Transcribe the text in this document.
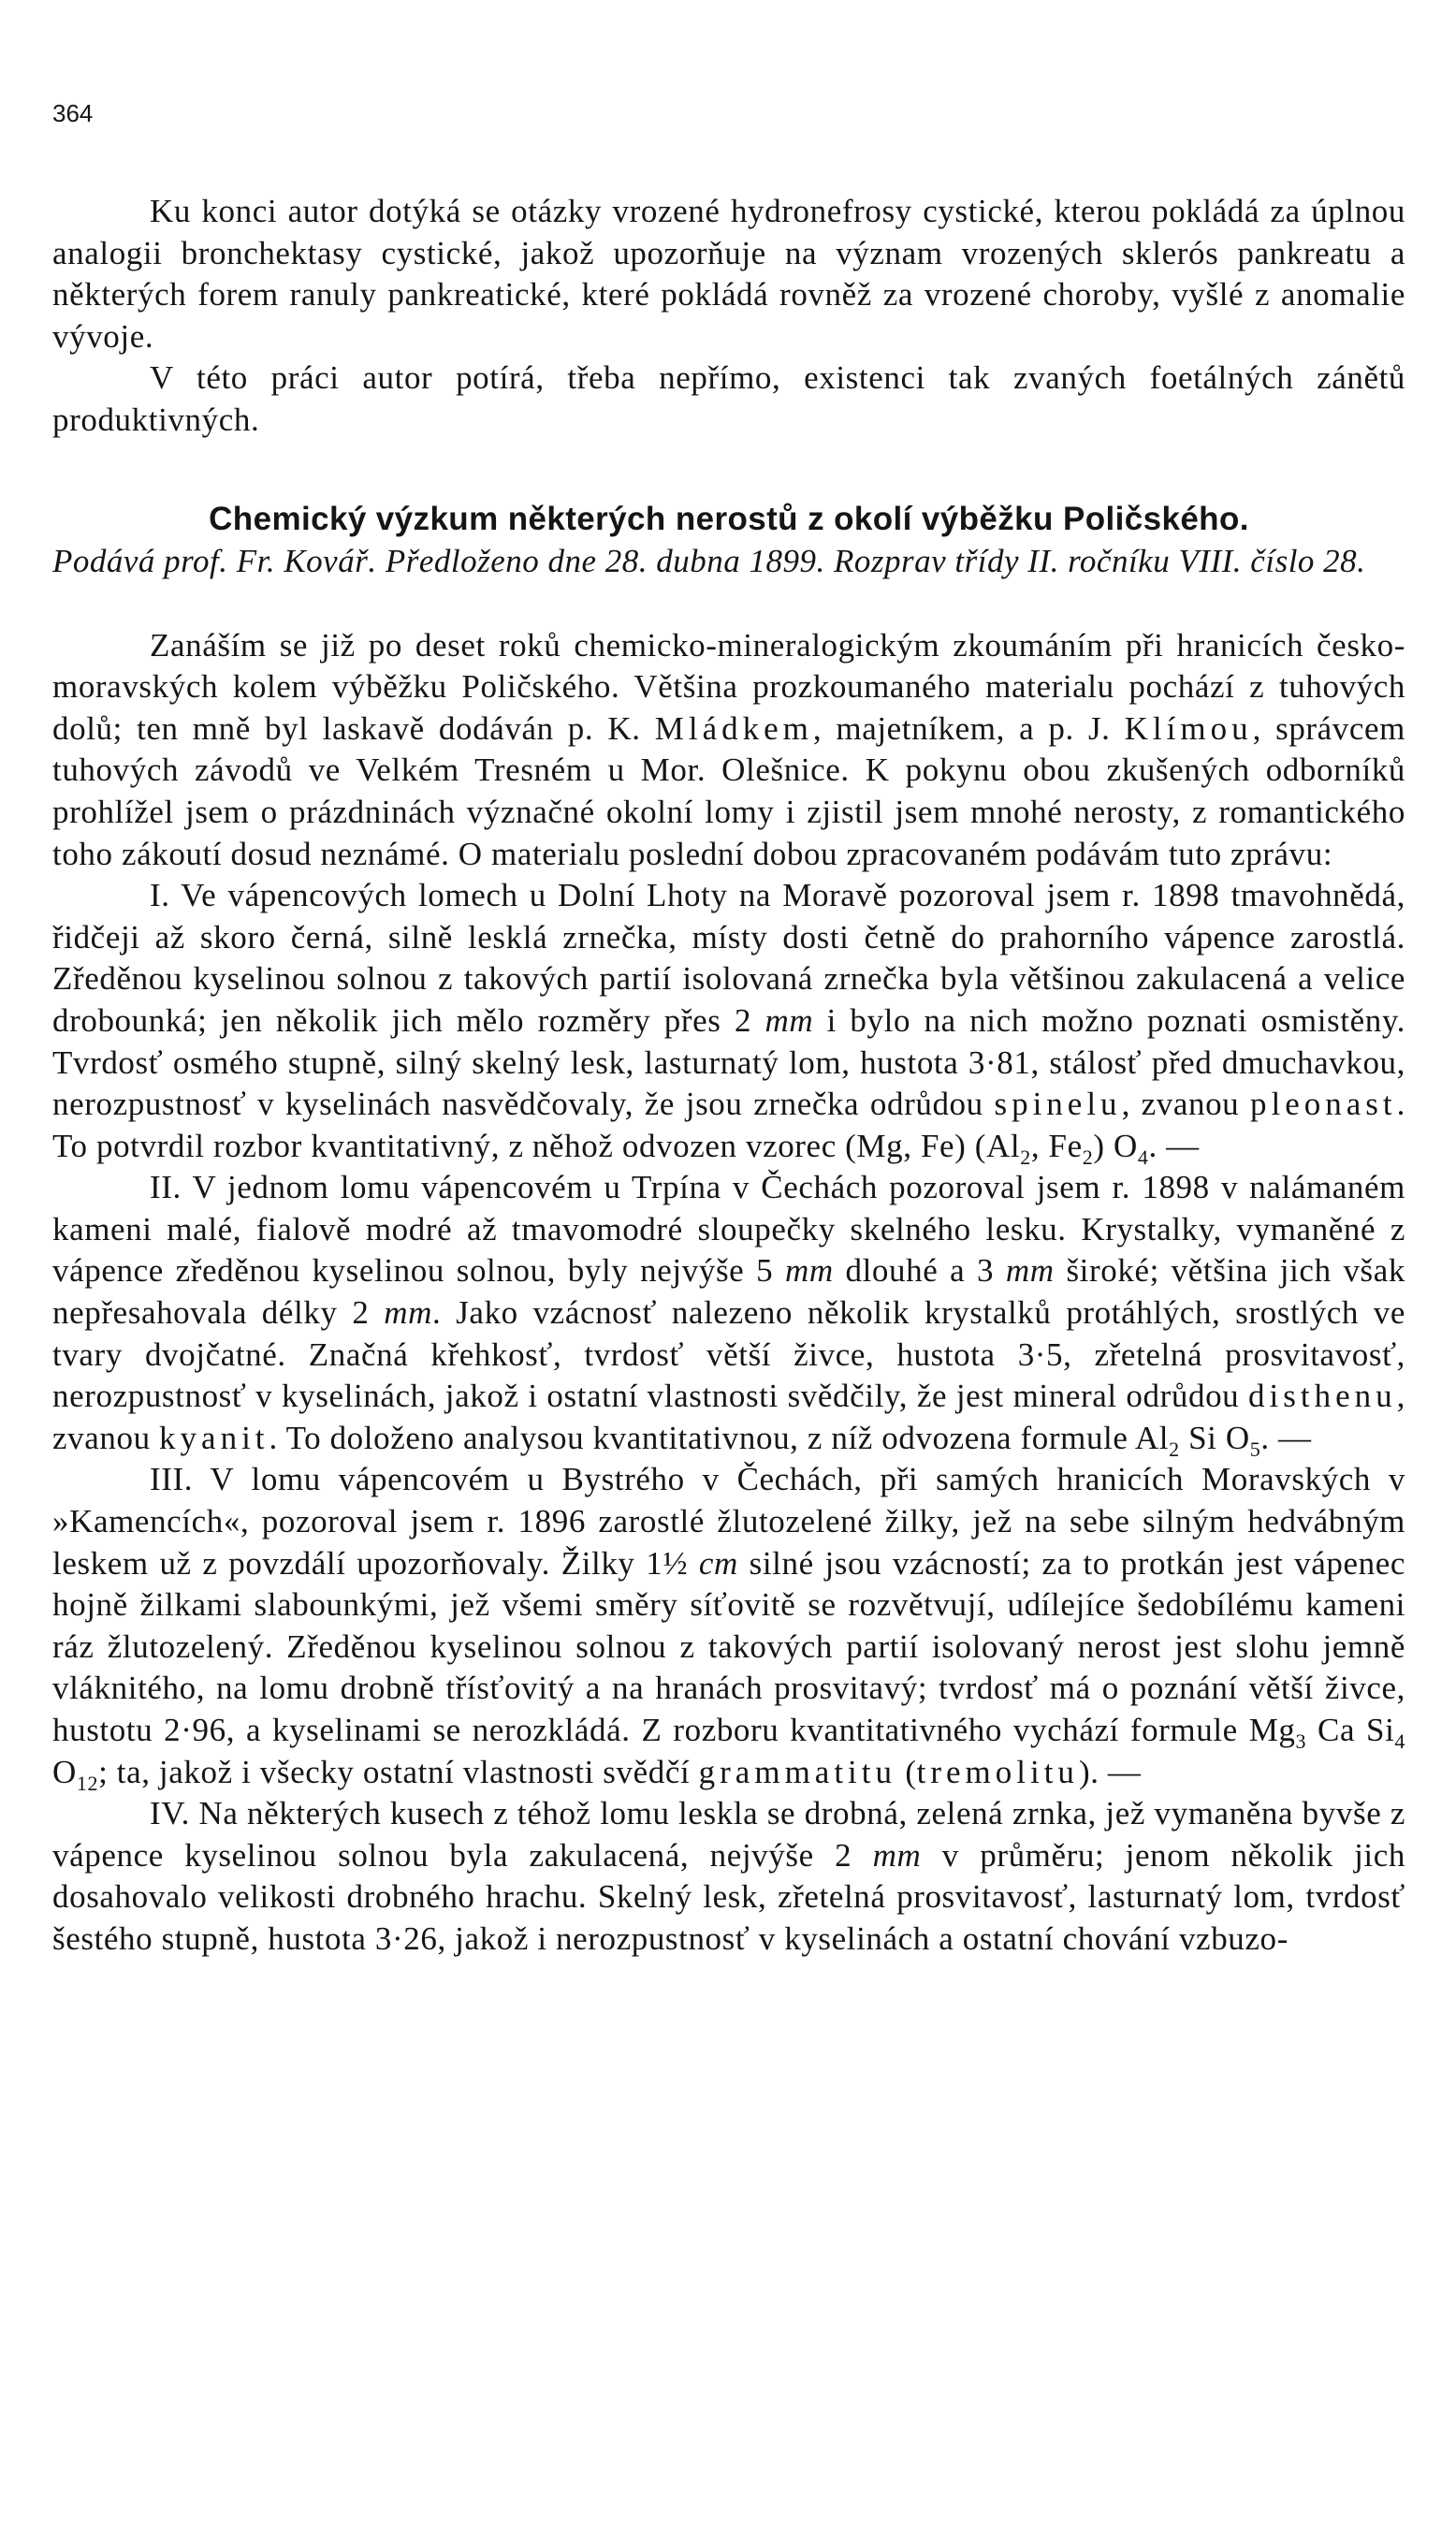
364

Ku konci autor dotýká se otázky vrozené hydronefrosy cystické, kterou pokládá za úplnou analogii bronchektasy cystické, jakož upozorňuje na význam vrozených sklerós pankreatu a některých forem ranuly pankreatické, které pokládá rovněž za vrozené choroby, vyšlé z anomalie vývoje.

V této práci autor potírá, třeba nepřímo, existenci tak zvaných foetálných zánětů produktivných.

Chemický výzkum některých nerostů z okolí výběžku Poličského.

Podává prof. Fr. Kovář. Předloženo dne 28. dubna 1899. Rozprav třídy II. ročníku VIII. číslo 28.

Zanáším se již po deset roků chemicko-mineralogickým zkoumáním při hranicích česko-moravských kolem výběžku Poličského. Většina prozkoumaného materialu pochází z tuhových dolů; ten mně byl laskavě dodáván p. K. Mládkem, majetníkem, a p. J. Klímou, správcem tuhových závodů ve Velkém Tresném u Mor. Olešnice. K pokynu obou zkušených odborníků prohlížel jsem o prázdninách význačné okolní lomy i zjistil jsem mnohé nerosty, z romantického toho zákoutí dosud neznámé. O materialu poslední dobou zpracovaném podávám tuto zprávu:

I. Ve vápencových lomech u Dolní Lhoty na Moravě pozoroval jsem r. 1898 tmavohnědá, řidčeji až skoro černá, silně lesklá zrnečka, místy dosti četně do prahorního vápence zarostlá. Zředěnou kyselinou solnou z takových partií isolovaná zrnečka byla většinou zakulacená a velice drobounká; jen několik jich mělo rozměry přes 2 mm i bylo na nich možno poznati osmistěny. Tvrdosť osmého stupně, silný skelný lesk, lasturnatý lom, hustota 3·81, stálosť před dmuchavkou, nerozpustnosť v kyselinách nasvědčovaly, že jsou zrnečka odrůdou spinelu, zvanou pleonast. To potvrdil rozbor kvantitativný, z něhož odvozen vzorec (Mg, Fe) ($Al_2$, $Fe_2$) $O_4$. —

II. V jednom lomu vápencovém u Trpína v Čechách pozoroval jsem r. 1898 v nalámaném kameni malé, fialově modré až tmavomodré sloupečky skelného lesku. Krystalky, vymaněné z vápence zředěnou kyselinou solnou, byly nejvýše 5 mm dlouhé a 3 mm široké; většina jich však nepřesahovala délky 2 mm. Jako vzácnosť nalezeno několik krystalků protáhlých, srostlých ve tvary dvojčatné. Značná křehkosť, tvrdosť větší živce, hustota 3·5, zřetelná prosvitavosť, nerozpustnosť v kyselinách, jakož i ostatní vlastnosti svědčily, že jest mineral odrůdou disthenu, zvanou kyanit. To doloženo analysou kvantitativnou, z níž odvozena formule $Al_2$ Si $O_5$. —

III. V lomu vápencovém u Bystrého v Čechách, při samých hranicích Moravských v »Kamencích«, pozoroval jsem r. 1896 zarostlé žlutozelené žilky, jež na sebe silným hedvábným leskem už z povzdálí upozorňovaly. Žilky 1½ cm silné jsou vzácností; za to protkán jest vápenec hojně žilkami slabounkými, jež všemi směry síťovitě se rozvětvují, udílejíce šedobílému kameni ráz žlutozelený. Zředěnou kyselinou solnou z takových partií isolovaný nerost jest slohu jemně vláknitého, na lomu drobně třísťovitý a na hranách prosvitavý; tvrdosť má o poznání větší živce, hustotu 2·96, a kyselinami se nerozkládá. Z rozboru kvantitativného vychází formule $Mg_3$ Ca $Si_4$ $O_{12}$; ta, jakož i všecky ostatní vlastnosti svědčí grammatitu (tremolitu). —

IV. Na některých kusech z téhož lomu leskla se drobná, zelená zrnka, jež vymaněna byvše z vápence kyselinou solnou byla zakulacená, nejvýše 2 mm v průměru; jenom několik jich dosahovalo velikosti drobného hrachu. Skelný lesk, zřetelná prosvitavosť, lasturnatý lom, tvrdosť šestého stupně, hustota 3·26, jakož i nerozpustnosť v kyselinách a ostatní chování vzbuzo-
